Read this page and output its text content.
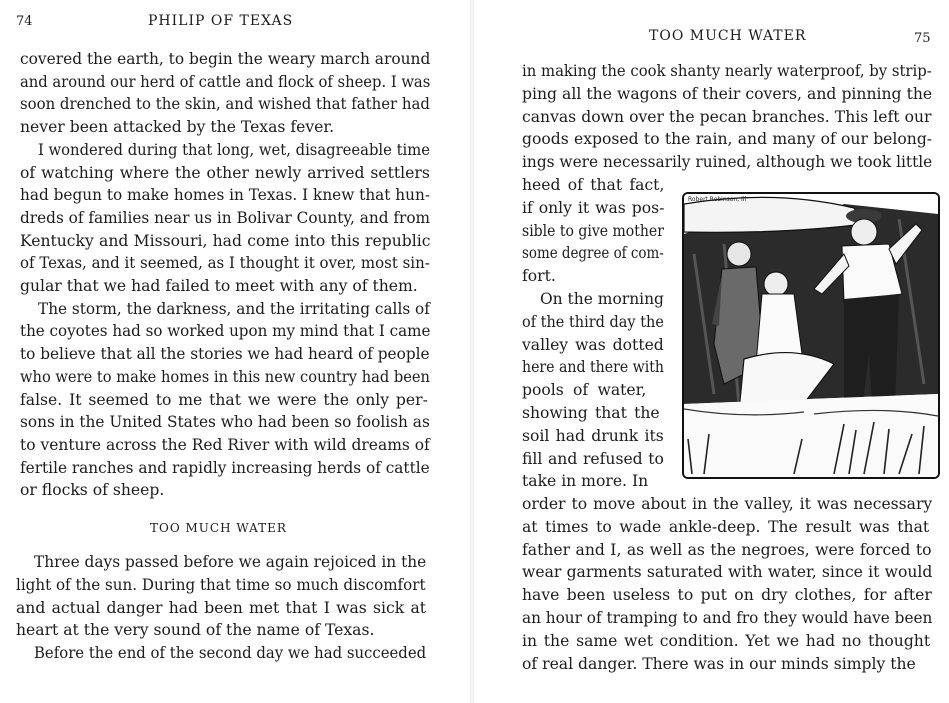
74	PHILIP OF TEXAS
covered the earth, to begin the weary march around
and around our herd of cattle and flock of sheep. I was
soon drenched to the skin, and wished that father had
never been attacked by the Texas fever.
I wondered during that long, wet, disagreeable time
of watching where the other newly arrived settlers
had begun to make homes in Texas. I knew that hun-
dreds of families near us in Bolivar County, and from
Kentucky and Missouri, had come into this republic
of Texas, and it seemed, as I thought it over, most sin-
gular that we had failed to meet with any of them.
The storm, the darkness, and the irritating calls of
the coyotes had so worked upon my mind that I came
to believe that all the stories we had heard of people
who were to make homes in this new country had been
false. It seemed to me that we were the only per-
sons in the United States who had been so foolish as
to venture across the Red River with wild dreams of
fertile ranches and rapidly increasing herds of cattle
or flocks of sheep.
TOO MUCH WATER
Three days passed before we again rejoiced in the
light of the sun. During that time so much discomfort
and actual danger had been met that I was sick at
heart at the very sound of the name of Texas.
Before the end of the second day we had succeeded
TOO MUCH WATER	75
in making the cook shanty nearly waterproof, by strip-
ping all the wagons of their covers, and pinning the
canvas down over the pecan branches. This left our
goods exposed to the rain, and many of our belong-
ings were necessarily ruined, although we took little
heed of that fact,
if only it was pos-
sible to give mother
some degree of com-
fort.
On the morning
of the third day the
valley was dotted
here and there with
pools of water,
showing that the
soil had drunk its
fill and refused to
take in more. In
Robert Robinson, Ill
order to move about in the valley, it was necessary
at times to wade ankle-deep. The result was that
father and I, as well as the negroes, were forced to
wear garments saturated with water, since it would
have been useless to put on dry clothes, for after
an hour of tramping to and fro they would have been
in the same wet condition. Yet we had no thought
of real danger. There was in our minds simply the
